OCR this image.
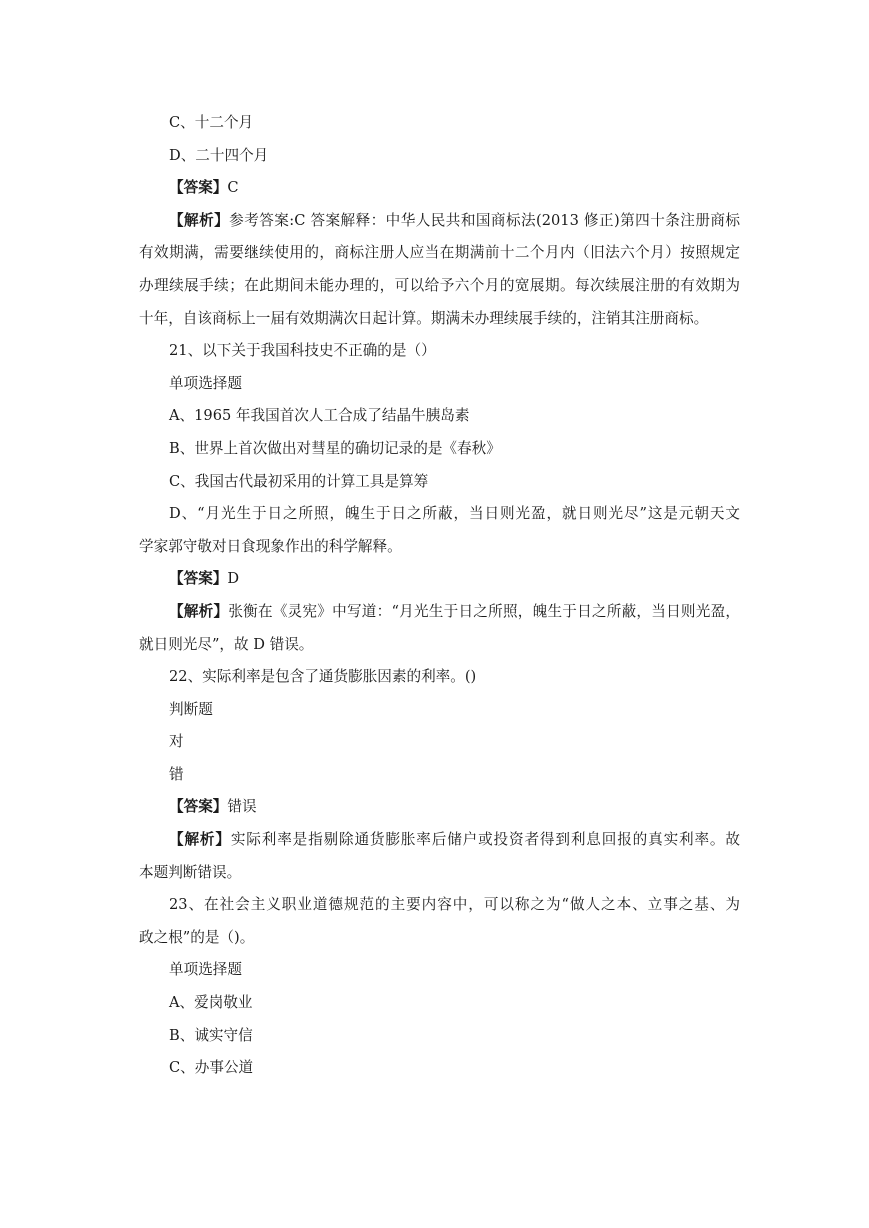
C、十二个月
D、二十四个月
【答案】C
【解析】参考答案:C 答案解释：中华人民共和国商标法(2013 修正)第四十条注册商标
有效期满，需要继续使用的，商标注册人应当在期满前十二个月内（旧法六个月）按照规定
办理续展手续；在此期间未能办理的，可以给予六个月的宽展期。每次续展注册的有效期为
十年，自该商标上一届有效期满次日起计算。期满未办理续展手续的，注销其注册商标。
21、以下关于我国科技史不正确的是（）
单项选择题
A、1965 年我国首次人工合成了结晶牛胰岛素
B、世界上首次做出对彗星的确切记录的是《春秋》
C、我国古代最初采用的计算工具是算筹
D、“月光生于日之所照，魄生于日之所蔽，当日则光盈，就日则光尽”这是元朝天文
学家郭守敬对日食现象作出的科学解释。
【答案】D
【解析】张衡在《灵宪》中写道：“月光生于日之所照，魄生于日之所蔽，当日则光盈，
就日则光尽”，故 D 错误。
22、实际利率是包含了通货膨胀因素的利率。()
判断题
对
错
【答案】错误
【解析】实际利率是指剔除通货膨胀率后储户或投资者得到利息回报的真实利率。故
本题判断错误。
23、在社会主义职业道德规范的主要内容中，可以称之为“做人之本、立事之基、为
政之根”的是（)。
单项选择题
A、爱岗敬业
B、诚实守信
C、办事公道
